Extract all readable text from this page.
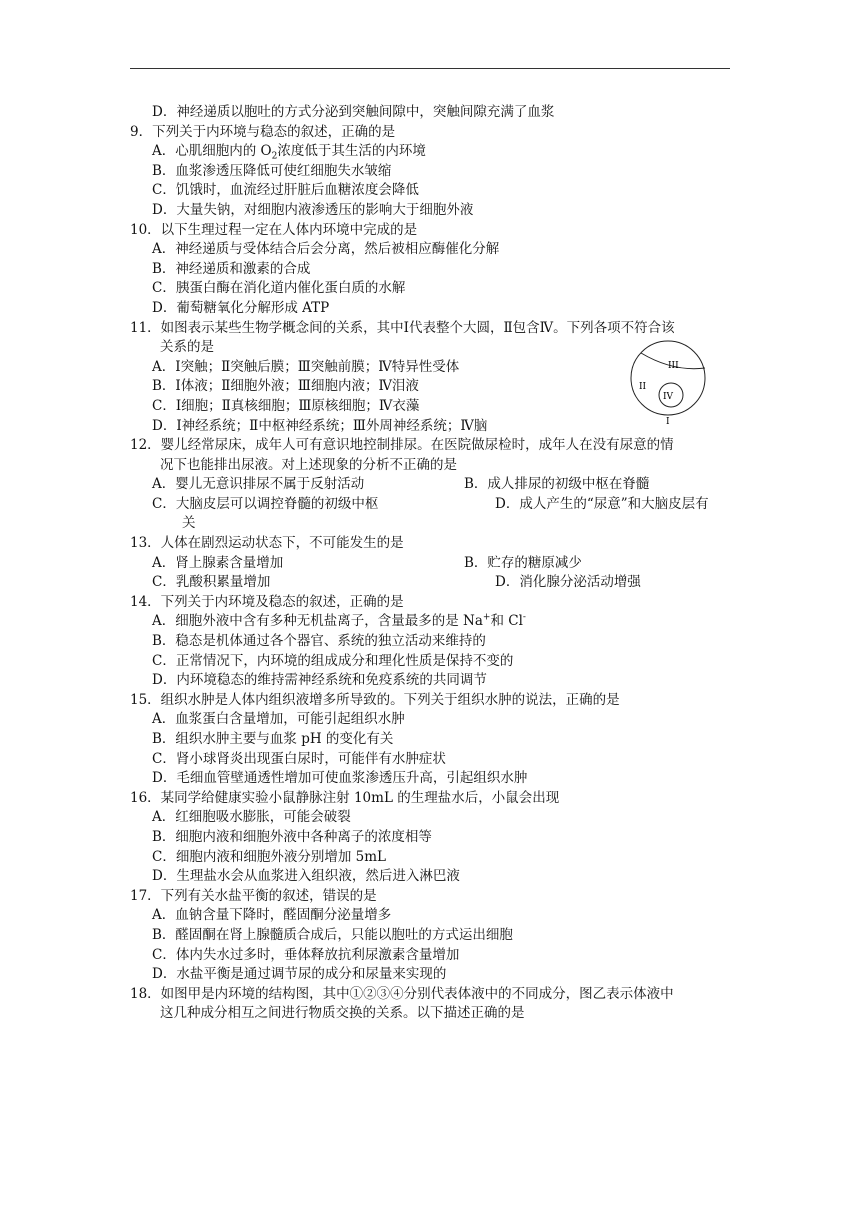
D．神经递质以胞吐的方式分泌到突触间隙中，突触间隙充满了血浆
9．下列关于内环境与稳态的叙述，正确的是
A．心肌细胞内的 $O_2$浓度低于其生活的内环境
B．血浆渗透压降低可使红细胞失水皱缩
C．饥饿时，血流经过肝脏后血糖浓度会降低
D．大量失钠，对细胞内液渗透压的影响大于细胞外液
10．以下生理过程一定在人体内环境中完成的是
A．神经递质与受体结合后会分离，然后被相应酶催化分解
B．神经递质和激素的合成
C．胰蛋白酶在消化道内催化蛋白质的水解
D．葡萄糖氧化分解形成 ATP
11．如图表示某些生物学概念间的关系，其中Ⅰ代表整个大圆，Ⅱ包含Ⅳ。下列各项不符合该
关系的是
A．Ⅰ突触；Ⅱ突触后膜；Ⅲ突触前膜；Ⅳ特异性受体
B．Ⅰ体液；Ⅱ细胞外液；Ⅲ细胞内液；Ⅳ泪液
C．Ⅰ细胞；Ⅱ真核细胞；Ⅲ原核细胞；Ⅳ衣藻
D．Ⅰ神经系统；Ⅱ中枢神经系统；Ⅲ外周神经系统；Ⅳ脑
12．婴儿经常尿床，成年人可有意识地控制排尿。在医院做尿检时，成年人在没有尿意的情
况下也能排出尿液。对上述现象的分析不正确的是
A．婴儿无意识排尿不属于反射活动	B．成人排尿的初级中枢在脊髓
C．大脑皮层可以调控脊髓的初级中枢	D．成人产生的“尿意”和大脑皮层有
关
13．人体在剧烈运动状态下，不可能发生的是
A．肾上腺素含量增加	B．贮存的糖原减少
C．乳酸积累量增加	D．消化腺分泌活动增强
14．下列关于内环境及稳态的叙述，正确的是
A．细胞外液中含有多种无机盐离子，含量最多的是 Na+和 Cl-
B．稳态是机体通过各个器官、系统的独立活动来维持的
C．正常情况下，内环境的组成成分和理化性质是保持不变的
D．内环境稳态的维持需神经系统和免疫系统的共同调节
15．组织水肿是人体内组织液增多所导致的。下列关于组织水肿的说法，正确的是
A．血浆蛋白含量增加，可能引起组织水肿
B．组织水肿主要与血浆 pH 的变化有关
C．肾小球肾炎出现蛋白尿时，可能伴有水肿症状
D．毛细血管壁通透性增加可使血浆渗透压升高，引起组织水肿
16．某同学给健康实验小鼠静脉注射 10mL 的生理盐水后，小鼠会出现
A．红细胞吸水膨胀，可能会破裂
B．细胞内液和细胞外液中各种离子的浓度相等
C．细胞内液和细胞外液分别增加 5mL
D．生理盐水会从血浆进入组织液，然后进入淋巴液
17．下列有关水盐平衡的叙述，错误的是
A．血钠含量下降时，醛固酮分泌量增多
B．醛固酮在肾上腺髓质合成后，只能以胞吐的方式运出细胞
C．体内失水过多时，垂体释放抗利尿激素含量增加
D．水盐平衡是通过调节尿的成分和尿量来实现的
18．如图甲是内环境的结构图，其中①②③④分别代表体液中的不同成分，图乙表示体液中
这几种成分相互之间进行物质交换的关系。以下描述正确的是
III
II
IV
I
